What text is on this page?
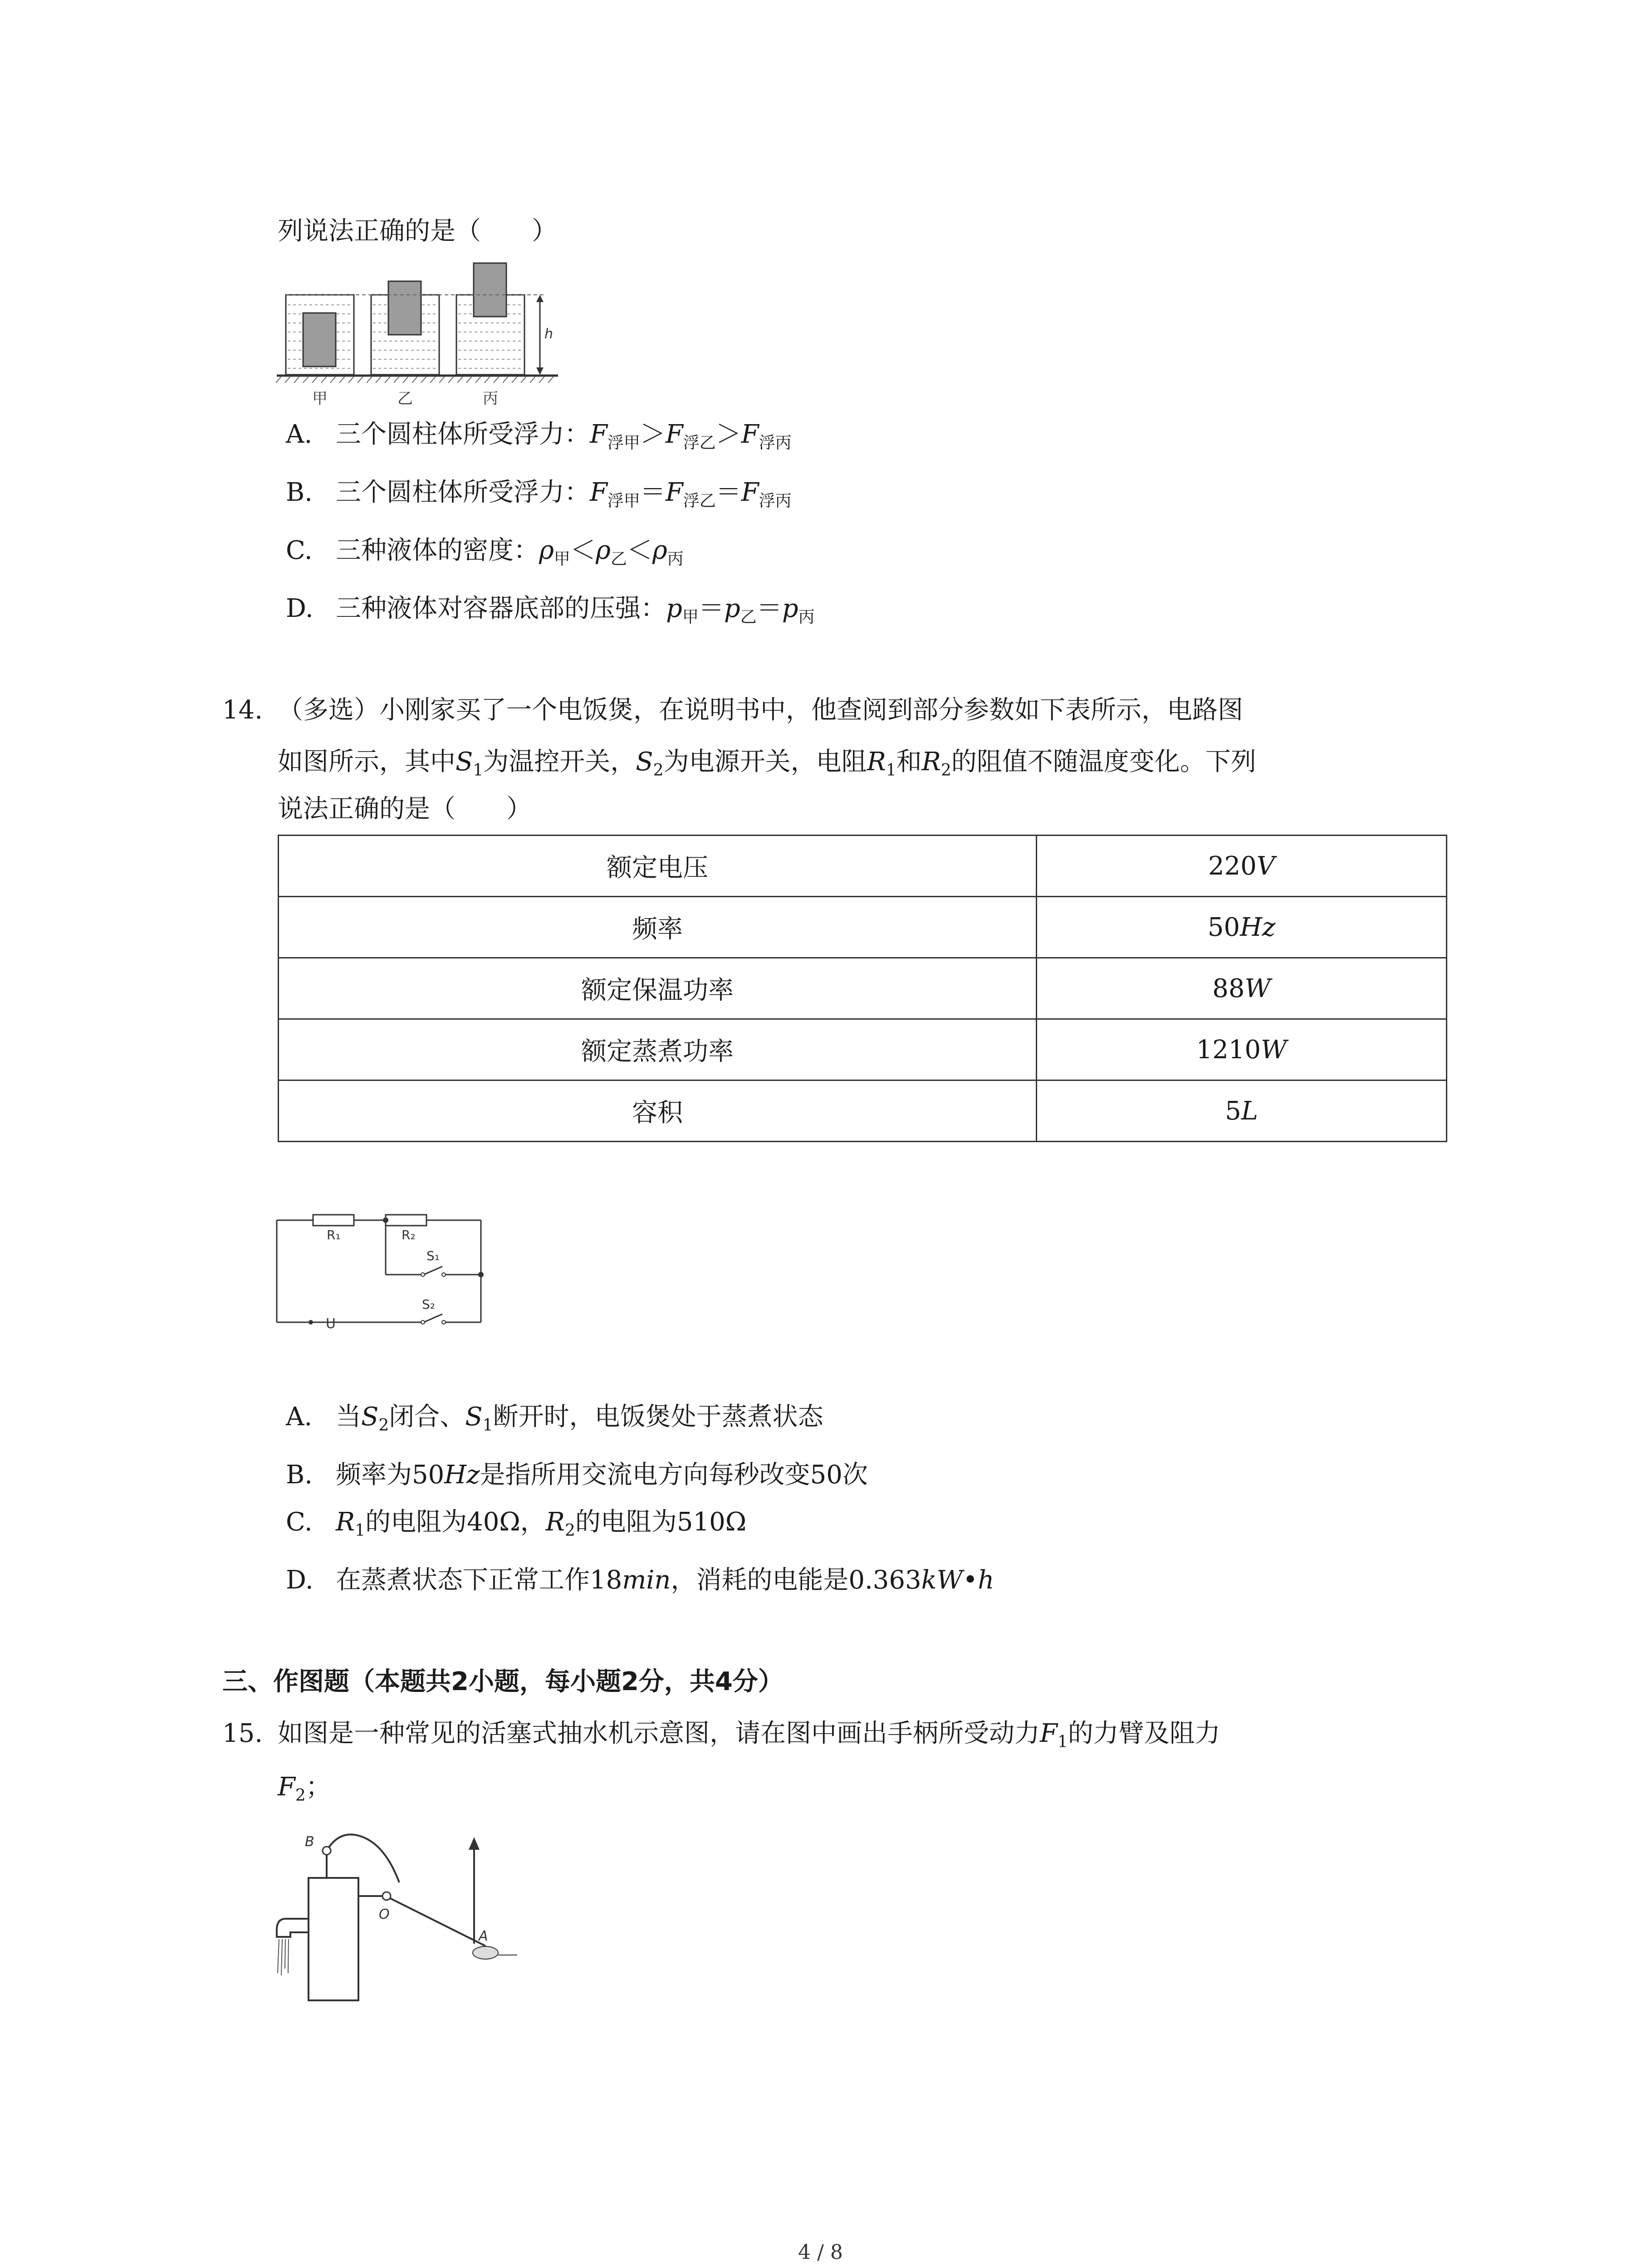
列说法正确的是（　　）
h
甲	乙	丙
A. 三个圆柱体所受浮力：$F_{浮甲}>F_{浮乙}>F_{浮丙}$
B. 三个圆柱体所受浮力：$F_{浮甲}=F_{浮乙}=F_{浮丙}$
C. 三种液体的密度：$\rho_甲<\rho_乙<\rho_丙$
D. 三种液体对容器底部的压强：$p_甲=p_乙=p_丙$
14. （多选）小刚家买了一个电饭煲，在说明书中，他查阅到部分参数如下表所示，电路图
如图所示，其中$S_1$为温控开关，$S_2$为电源开关，电阻$R_1$和$R_2$的阻值不随温度变化。下列
说法正确的是（　　）
额定电压	220V
频率	50Hz
额定保温功率	88W
额定蒸煮功率	1210W
容积	5L
R₁	R₂
S₁
S₂
U
A. 当$S_2$闭合、$S_1$断开时，电饭煲处于蒸煮状态
B. 频率为50Hz是指所用交流电方向每秒改变50次
C. $R_1$的电阻为40Ω，$R_2$的电阻为510Ω
D. 在蒸煮状态下正常工作18min，消耗的电能是0.363kW•h
三、作图题（本题共2小题，每小题2分，共4分）
15. 如图是一种常见的活塞式抽水机示意图，请在图中画出手柄所受动力$F_1$的力臂及阻力
$F_2$；
B
O
A
4 / 8
